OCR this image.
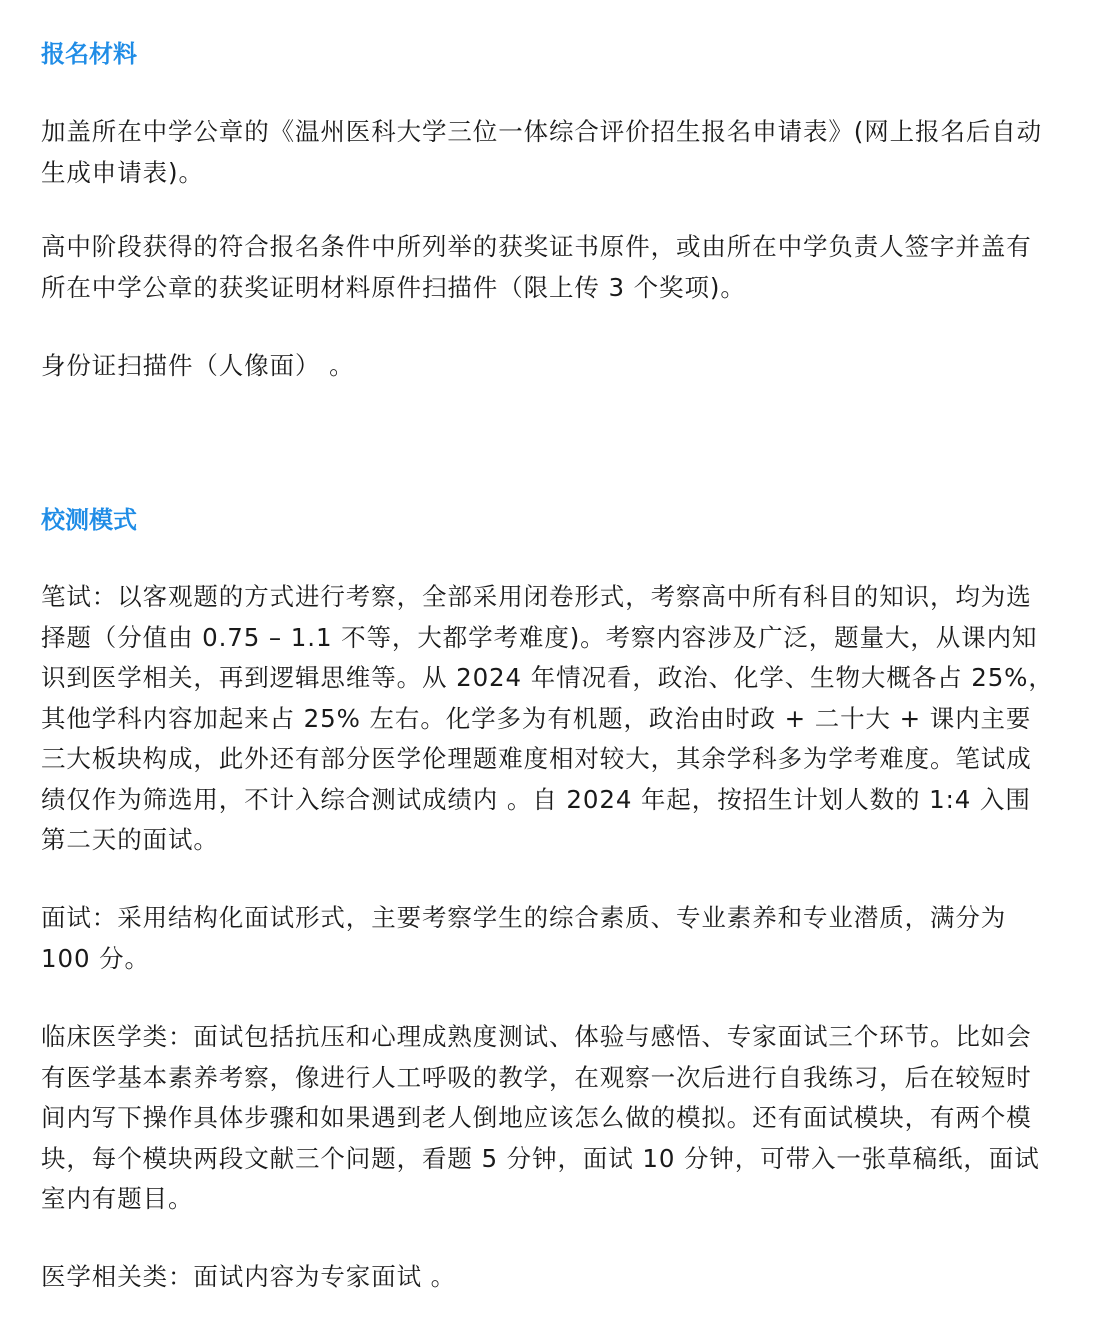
报名材料

加盖所在中学公章的《温州医科大学三位一体综合评价招生报名申请表》(网上报名后自动生成申请表)。

高中阶段获得的符合报名条件中所列举的获奖证书原件，或由所在中学负责人签字并盖有所在中学公章的获奖证明材料原件扫描件（限上传 3 个奖项)。

身份证扫描件（人像面） 。

校测模式

笔试：以客观题的方式进行考察，全部采用闭卷形式，考察高中所有科目的知识，均为选择题（分值由 0.75 – 1.1 不等，大都学考难度)。考察内容涉及广泛，题量大，从课内知识到医学相关，再到逻辑思维等。从 2024 年情况看，政治、化学、生物大概各占 25%，其他学科内容加起来占 25% 左右。化学多为有机题，政治由时政 + 二十大 + 课内主要三大板块构成，此外还有部分医学伦理题难度相对较大，其余学科多为学考难度。笔试成绩仅作为筛选用，不计入综合测试成绩内 。自 2024 年起，按招生计划人数的 1:4 入围第二天的面试。

面试：采用结构化面试形式，主要考察学生的综合素质、专业素养和专业潜质，满分为 100 分。

临床医学类：面试包括抗压和心理成熟度测试、体验与感悟、专家面试三个环节。比如会有医学基本素养考察，像进行人工呼吸的教学，在观察一次后进行自我练习，后在较短时间内写下操作具体步骤和如果遇到老人倒地应该怎么做的模拟。还有面试模块，有两个模块，每个模块两段文献三个问题，看题 5 分钟，面试 10 分钟，可带入一张草稿纸，面试室内有题目。

医学相关类：面试内容为专家面试 。
